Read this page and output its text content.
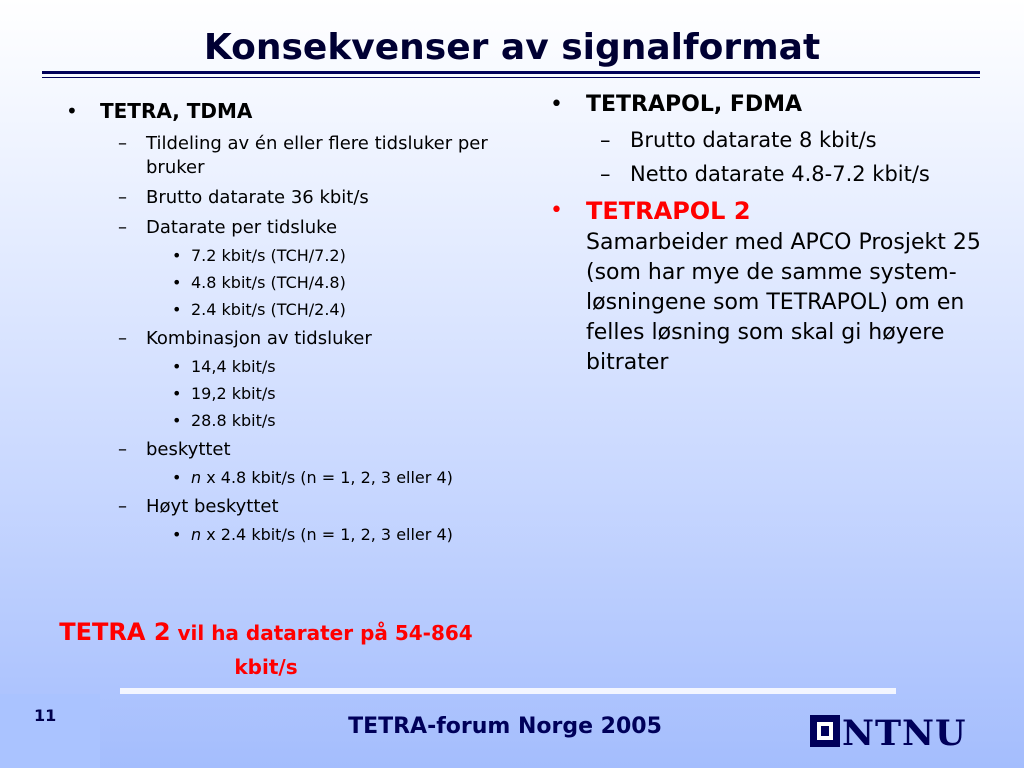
Konsekvenser av signalformat
• TETRA, TDMA
– Tildeling av én eller flere tidsluker per bruker
– Brutto datarate 36 kbit/s
– Datarate per tidsluke
• 7.2 kbit/s (TCH/7.2)
• 4.8 kbit/s (TCH/4.8)
• 2.4 kbit/s (TCH/2.4)
– Kombinasjon av tidsluker
• 14,4 kbit/s
• 19,2 kbit/s
• 28.8 kbit/s
– beskyttet
• n x 4.8 kbit/s (n = 1, 2, 3 eller 4)
– Høyt beskyttet
• n x 2.4 kbit/s (n = 1, 2, 3 eller 4)
TETRA 2 vil ha datarater på 54-864 kbit/s
• TETRAPOL, FDMA
– Brutto datarate 8 kbit/s
– Netto datarate 4.8-7.2 kbit/s
• TETRAPOL 2
Samarbeider med APCO Prosjekt 25 (som har mye de samme system-løsningene som TETRAPOL) om en felles løsning som skal gi høyere bitrater
11	TETRA-forum Norge 2005	NTNU
